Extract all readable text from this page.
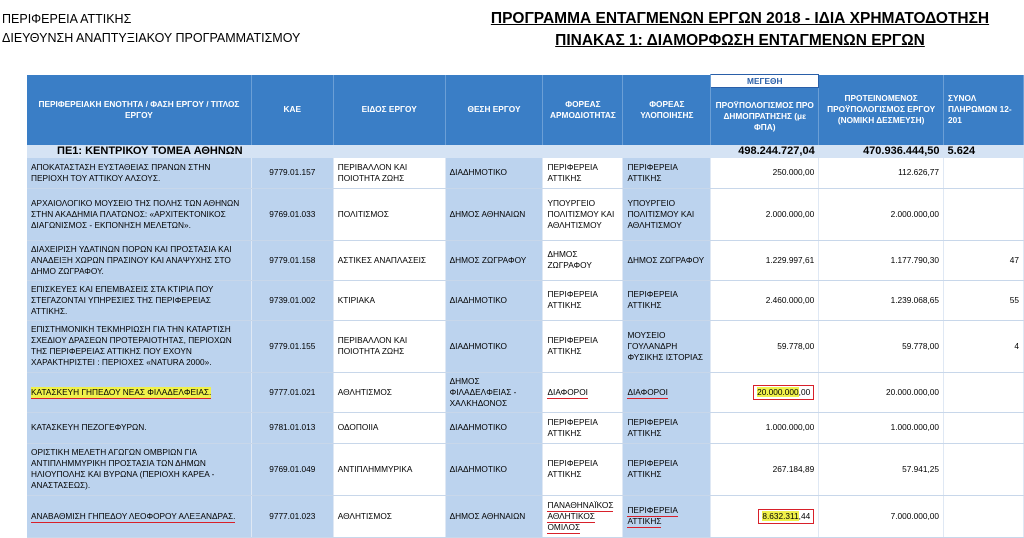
ΠΕΡΙΦΕΡΕΙΑ ΑΤΤΙΚΗΣ
ΔΙΕΥΘΥΝΣΗ ΑΝΑΠΤΥΞΙΑΚΟΥ ΠΡΟΓΡΑΜΜΑΤΙΣΜΟΥ
ΠΡΟΓΡΑΜΜΑ ΕΝΤΑΓΜΕΝΩΝ ΕΡΓΩΝ 2018 - ΙΔΙΑ ΧΡΗΜΑΤΟΔΟΤΗΣΗ
ΠΙΝΑΚΑΣ 1: ΔΙΑΜΟΡΦΩΣΗ ΕΝΤΑΓΜΕΝΩΝ ΕΡΓΩΝ
ΠΕΡΙΦΕΡΕΙΑΚΗ ΕΝΟΤΗΤΑ / ΦΑΣΗ ΕΡΓΟΥ / ΤΙΤΛΟΣ ΕΡΓΟΥ	ΚΑΕ	ΕΙΔΟΣ ΕΡΓΟΥ	ΘΕΣΗ ΕΡΓΟΥ	ΦΟΡΕΑΣ ΑΡΜΟΔΙΟΤΗΤΑΣ	ΦΟΡΕΑΣ ΥΛΟΠΟΙΗΣΗΣ	ΜΕΓΕΘΗ	ΠΡΟΤΕΙΝΟΜΕΝΟΣ ΠΡΟΫΠΟΛΟΓΙΣΜΟΣ ΕΡΓΟΥ (ΝΟΜΙΚΗ ΔΕΣΜΕΥΣΗ)	ΣΥΝΟΛ ΠΛΗΡΩΜΩΝ 12-201
						ΠΡΟΫΠΟΛΟΓΙΣΜΟΣ ΠΡΟ ΔΗΜΟΠΡΑΤΗΣΗΣ (με ΦΠΑ)		
ΠΕ1: ΚΕΝΤΡΙΚΟΥ ΤΟΜΕΑ ΑΘΗΝΩΝ						498.244.727,04	470.936.444,50	5.624
ΑΠΟΚΑΤΑΣΤΑΣΗ ΕΥΣΤΑΘΕΙΑΣ ΠΡΑΝΩΝ ΣΤΗΝ ΠΕΡΙΟΧΗ ΤΟΥ ΑΤΤΙΚΟΥ ΑΛΣΟΥΣ.	9779.01.157	ΠΕΡΙΒΑΛΛΟΝ ΚΑΙ ΠΟΙΟΤΗΤΑ ΖΩΗΣ	ΔΙΑΔΗΜΟΤΙΚΟ	ΠΕΡΙΦΕΡΕΙΑ ΑΤΤΙΚΗΣ	ΠΕΡΙΦΕΡΕΙΑ ΑΤΤΙΚΗΣ	250.000,00	112.626,77	
ΑΡΧΑΙΟΛΟΓΙΚΟ ΜΟΥΣΕΙΟ ΤΗΣ ΠΟΛΗΣ ΤΩΝ ΑΘΗΝΩΝ ΣΤΗΝ ΑΚΑΔΗΜΙΑ ΠΛΑΤΩΝΟΣ: «ΑΡΧΙΤΕΚΤΟΝΙΚΟΣ ΔΙΑΓΩΝΙΣΜΟΣ - ΕΚΠΟΝΗΣΗ ΜΕΛΕΤΩΝ».	9769.01.033	ΠΟΛΙΤΙΣΜΟΣ	ΔΗΜΟΣ ΑΘΗΝΑΙΩΝ	ΥΠΟΥΡΓΕΙΟ ΠΟΛΙΤΙΣΜΟΥ ΚΑΙ ΑΘΛΗΤΙΣΜΟΥ	ΥΠΟΥΡΓΕΙΟ ΠΟΛΙΤΙΣΜΟΥ ΚΑΙ ΑΘΛΗΤΙΣΜΟΥ	2.000.000,00	2.000.000,00	
ΔΙΑΧΕΙΡΙΣΗ ΥΔΑΤΙΝΩΝ ΠΟΡΩΝ ΚΑΙ ΠΡΟΣΤΑΣΙΑ ΚΑΙ ΑΝΑΔΕΙΞΗ ΧΩΡΩΝ ΠΡΑΣΙΝΟΥ ΚΑΙ ΑΝΑΨΥΧΗΣ ΣΤΟ ΔΗΜΟ ΖΩΓΡΑΦΟΥ.	9779.01.158	ΑΣΤΙΚΕΣ ΑΝΑΠΛΑΣΕΙΣ	ΔΗΜΟΣ ΖΩΓΡΑΦΟΥ	ΔΗΜΟΣ ΖΩΓΡΑΦΟΥ	ΔΗΜΟΣ ΖΩΓΡΑΦΟΥ	1.229.997,61	1.177.790,30	47
ΕΠΙΣΚΕΥΕΣ ΚΑΙ ΕΠΕΜΒΑΣΕΙΣ ΣΤΑ ΚΤΙΡΙΑ ΠΟΥ ΣΤΕΓΑΖΟΝΤΑΙ ΥΠΗΡΕΣΙΕΣ ΤΗΣ ΠΕΡΙΦΕΡΕΙΑΣ ΑΤΤΙΚΗΣ.	9739.01.002	ΚΤΙΡΙΑΚΑ	ΔΙΑΔΗΜΟΤΙΚΟ	ΠΕΡΙΦΕΡΕΙΑ ΑΤΤΙΚΗΣ	ΠΕΡΙΦΕΡΕΙΑ ΑΤΤΙΚΗΣ	2.460.000,00	1.239.068,65	55
ΕΠΙΣΤΗΜΟΝΙΚΗ ΤΕΚΜΗΡΙΩΣΗ ΓΙΑ ΤΗΝ ΚΑΤΑΡΤΙΣΗ ΣΧΕΔΙΟΥ ΔΡΑΣΕΩΝ ΠΡΟΤΕΡΑΙΟΤΗΤΑΣ, ΠΕΡΙΟΧΩΝ ΤΗΣ ΠΕΡΙΦΕΡΕΙΑΣ ΑΤΤΙΚΗΣ ΠΟΥ ΕΧΟΥΝ ΧΑΡΑΚΤΗΡΙΣΤΕΙ : ΠΕΡΙΟΧΕΣ «NATURA 2000».	9779.01.155	ΠΕΡΙΒΑΛΛΟΝ ΚΑΙ ΠΟΙΟΤΗΤΑ ΖΩΗΣ	ΔΙΑΔΗΜΟΤΙΚΟ	ΠΕΡΙΦΕΡΕΙΑ ΑΤΤΙΚΗΣ	ΜΟΥΣΕΙΟ ΓΟΥΛΑΝΔΡΗ ΦΥΣΙΚΗΣ ΙΣΤΟΡΙΑΣ	59.778,00	59.778,00	4
ΚΑΤΑΣΚΕΥΗ ΓΗΠΕΔΟΥ ΝΕΑΣ ΦΙΛΑΔΕΛΦΕΙΑΣ.	9777.01.021	ΑΘΛΗΤΙΣΜΟΣ	ΔΗΜΟΣ ΦΙΛΑΔΕΛΦΕΙΑΣ - ΧΑΛΚΗΔΟΝΟΣ	ΔΙΑΦΟΡΟΙ	ΔΙΑΦΟΡΟΙ	20.000.000,00	20.000.000,00	
ΚΑΤΑΣΚΕΥΗ ΠΕΖΟΓΕΦΥΡΩΝ.	9781.01.013	ΟΔΟΠΟΙΙΑ	ΔΙΑΔΗΜΟΤΙΚΟ	ΠΕΡΙΦΕΡΕΙΑ ΑΤΤΙΚΗΣ	ΠΕΡΙΦΕΡΕΙΑ ΑΤΤΙΚΗΣ	1.000.000,00	1.000.000,00	
ΟΡΙΣΤΙΚΗ ΜΕΛΕΤΗ ΑΓΩΓΩΝ ΟΜΒΡΙΩΝ ΓΙΑ ΑΝΤΙΠΛΗΜΜΥΡΙΚΗ ΠΡΟΣΤΑΣΙΑ ΤΩΝ ΔΗΜΩΝ ΗΛΙΟΥΠΟΛΗΣ ΚΑΙ ΒΥΡΩΝΑ (ΠΕΡΙΟΧΗ ΚΑΡΕΑ - ΑΝΑΣΤΑΣΕΩΣ).	9769.01.049	ΑΝΤΙΠΛΗΜΜΥΡΙΚΑ	ΔΙΑΔΗΜΟΤΙΚΟ	ΠΕΡΙΦΕΡΕΙΑ ΑΤΤΙΚΗΣ	ΠΕΡΙΦΕΡΕΙΑ ΑΤΤΙΚΗΣ	267.184,89	57.941,25	
ΑΝΑΒΑΘΜΙΣΗ ΓΗΠΕΔΟΥ ΛΕΟΦΟΡΟΥ ΑΛΕΞΑΝΔΡΑΣ.	9777.01.023	ΑΘΛΗΤΙΣΜΟΣ	ΔΗΜΟΣ ΑΘΗΝΑΙΩΝ	ΠΑΝΑΘΗΝΑΪΚΟΣ ΑΘΛΗΤΙΚΟΣ ΟΜΙΛΟΣ	ΠΕΡΙΦΕΡΕΙΑ ΑΤΤΙΚΗΣ	8.632.311,44	7.000.000,00	
